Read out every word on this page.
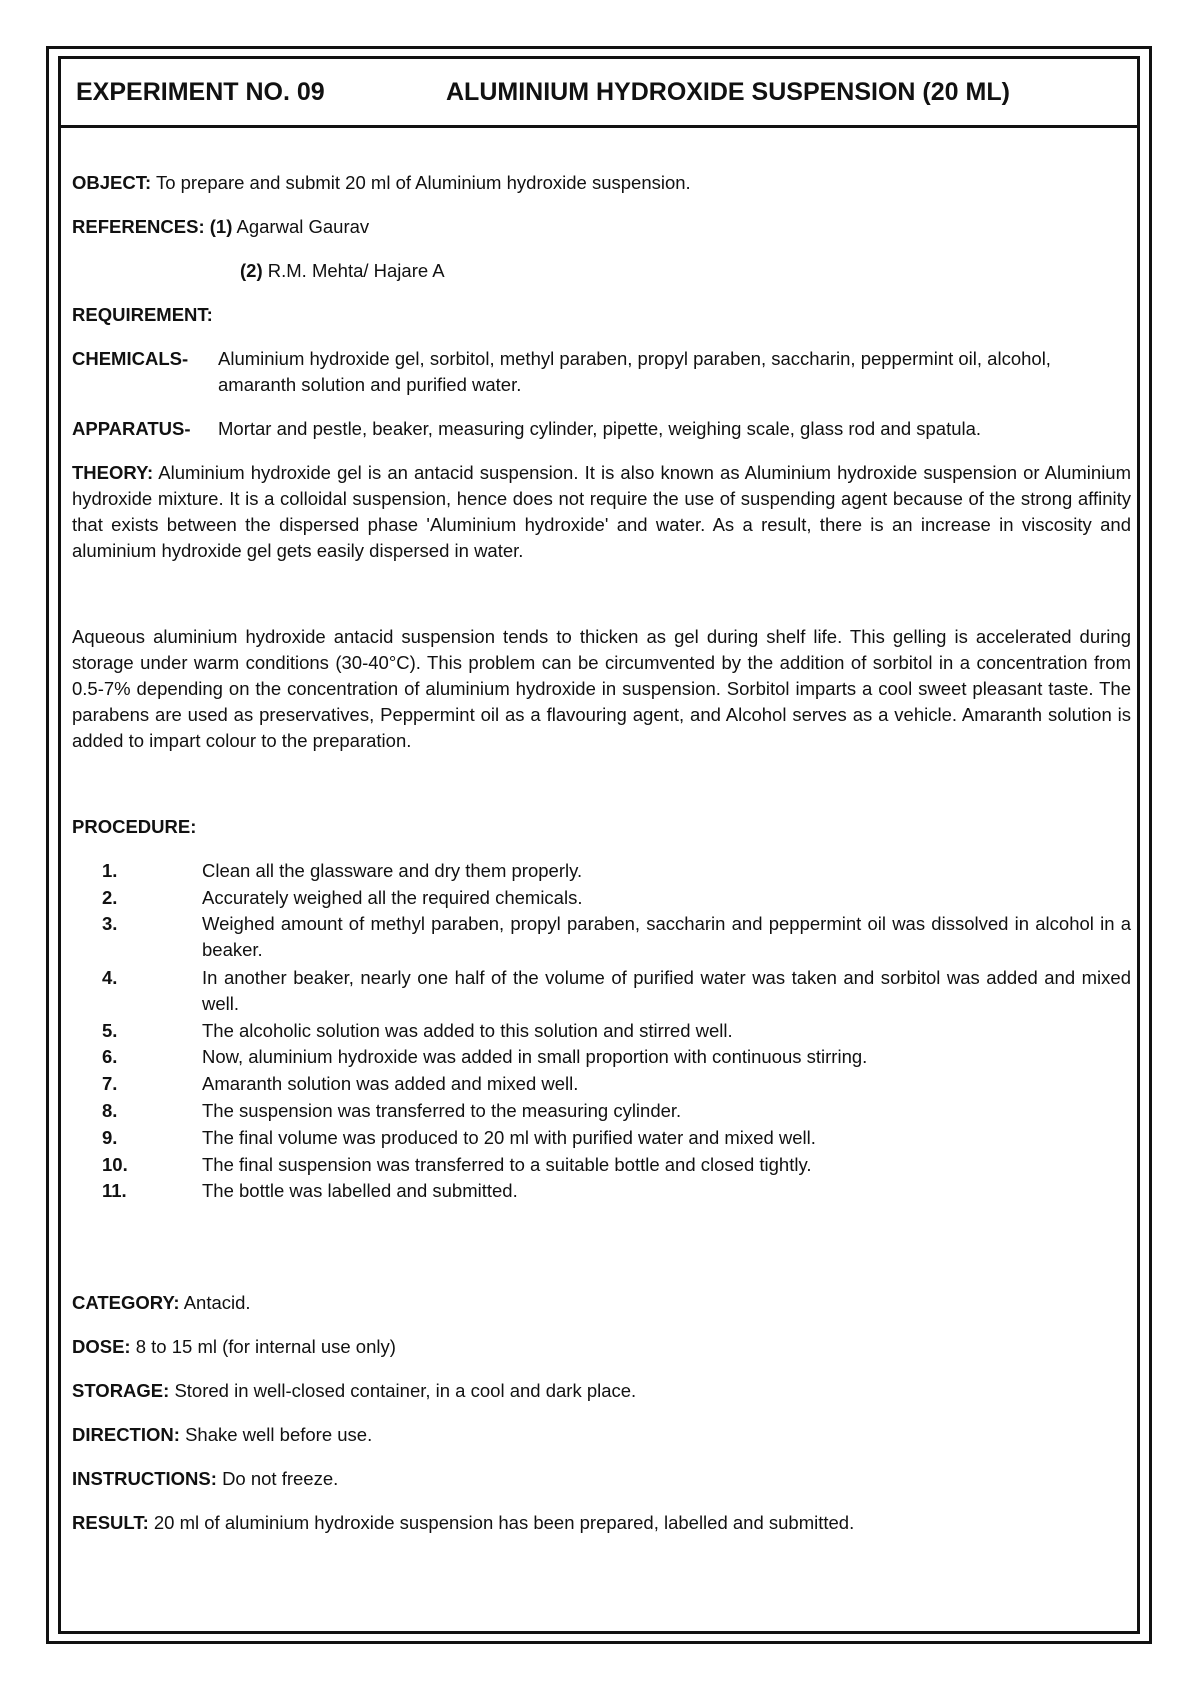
EXPERIMENT NO. 09	ALUMINIUM HYDROXIDE SUSPENSION (20 ML)
OBJECT: To prepare and submit 20 ml of Aluminium hydroxide suspension.
REFERENCES: (1) Agarwal Gaurav
(2) R.M. Mehta/ Hajare A
REQUIREMENT:
CHEMICALS- Aluminium hydroxide gel, sorbitol, methyl paraben, propyl paraben, saccharin, peppermint oil, alcohol, amaranth solution and purified water.
APPARATUS- Mortar and pestle, beaker, measuring cylinder, pipette, weighing scale, glass rod and spatula.
THEORY: Aluminium hydroxide gel is an antacid suspension. It is also known as Aluminium hydroxide suspension or Aluminium hydroxide mixture. It is a colloidal suspension, hence does not require the use of suspending agent because of the strong affinity that exists between the dispersed phase 'Aluminium hydroxide' and water. As a result, there is an increase in viscosity and aluminium hydroxide gel gets easily dispersed in water.
Aqueous aluminium hydroxide antacid suspension tends to thicken as gel during shelf life. This gelling is accelerated during storage under warm conditions (30-40°C). This problem can be circumvented by the addition of sorbitol in a concentration from 0.5-7% depending on the concentration of aluminium hydroxide in suspension. Sorbitol imparts a cool sweet pleasant taste. The parabens are used as preservatives, Peppermint oil as a flavouring agent, and Alcohol serves as a vehicle. Amaranth solution is added to impart colour to the preparation.
PROCEDURE:
1.	Clean all the glassware and dry them properly.
2.	Accurately weighed all the required chemicals.
3.	Weighed amount of methyl paraben, propyl paraben, saccharin and peppermint oil was dissolved in alcohol in a beaker.
4.	In another beaker, nearly one half of the volume of purified water was taken and sorbitol was added and mixed well.
5.	The alcoholic solution was added to this solution and stirred well.
6.	Now, aluminium hydroxide was added in small proportion with continuous stirring.
7.	Amaranth solution was added and mixed well.
8.	The suspension was transferred to the measuring cylinder.
9.	The final volume was produced to 20 ml with purified water and mixed well.
10.	The final suspension was transferred to a suitable bottle and closed tightly.
11.	The bottle was labelled and submitted.
CATEGORY: Antacid.
DOSE: 8 to 15 ml (for internal use only)
STORAGE: Stored in well-closed container, in a cool and dark place.
DIRECTION: Shake well before use.
INSTRUCTIONS: Do not freeze.
RESULT: 20 ml of aluminium hydroxide suspension has been prepared, labelled and submitted.
